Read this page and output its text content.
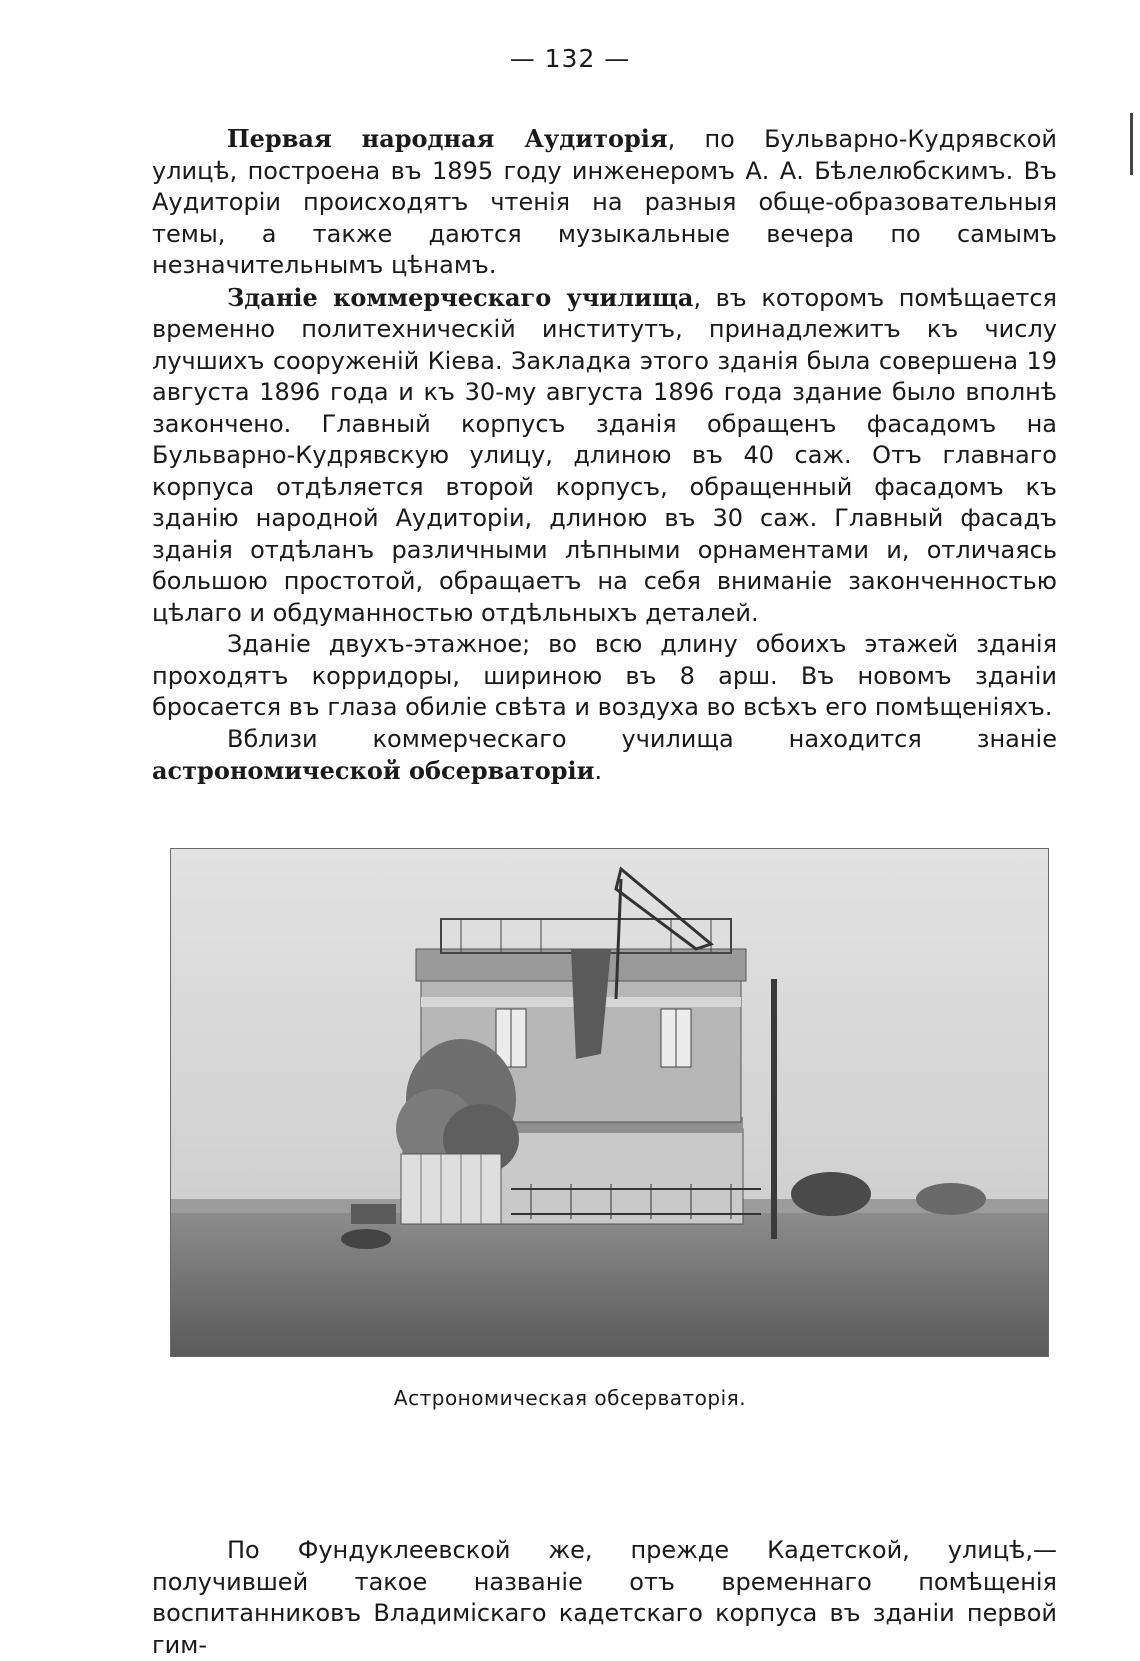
— 132 —

Первая народная Аудиторія, по Бульварно-Кудрявской улицѣ, построена въ 1895 году инженеромъ А. А. Бѣлелюбскимъ. Въ Аудиторіи происходятъ чтенія на разныя обще-образовательныя темы, а также даются музыкальные вечера по самымъ незначительнымъ цѣнамъ.

Зданіе коммерческаго училища, въ которомъ помѣщается временно политехническій институтъ, принадлежитъ къ числу лучшихъ сооруженій Кіева. Закладка этого зданія была совершена 19 августа 1896 года и къ 30-му августа 1896 года здание было вполнѣ закончено. Главный корпусъ зданія обращенъ фасадомъ на Бульварно-Кудрявскую улицу, длиною въ 40 саж. Отъ главнаго корпуса отдѣляется второй корпусъ, обращенный фасадомъ къ зданію народной Аудиторіи, длиною въ 30 саж. Главный фасадъ зданія отдѣланъ различными лѣпными орнаментами и, отличаясь большою простотой, обращаетъ на себя вниманіе законченностью цѣлаго и обдуманностью отдѣльныхъ деталей.

Зданіе двухъ-этажное; во всю длину обоихъ этажей зданія проходятъ корридоры, шириною въ 8 арш. Въ новомъ зданіи бросается въ глаза обиліе свѣта и воздуха во всѣхъ его помѣщеніяхъ.

Вблизи коммерческаго училища находится знаніе астрономической обсерваторіи.

Астрономическая обсерваторія.

По Фундуклеевской же, прежде Кадетской, улицѣ,—получившей такое названіе отъ временнаго помѣщенія воспитанниковъ Владимiскаго кадетскаго корпуса въ зданіи первой гим-
